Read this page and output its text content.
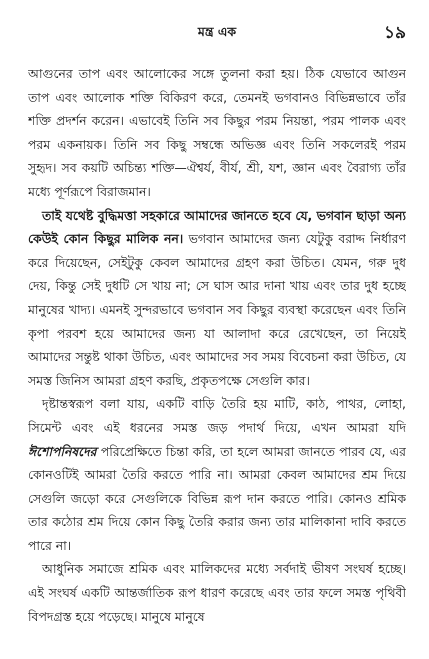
মন্ত্র এক	১৯

আগুনের তাপ এবং আলোকের সঙ্গে তুলনা করা হয়। ঠিক যেভাবে আগুন তাপ এবং আলোক শক্তি বিকিরণ করে, তেমনই ভগবানও বিভিন্নভাবে তাঁর শক্তি প্রদর্শন করেন। এভাবেই তিনি সব কিছুর পরম নিয়ন্তা, পরম পালক এবং পরম একনায়ক। তিনি সব কিছু সম্বন্ধে অভিজ্ঞ এবং তিনি সকলেরই পরম সুহৃদ। সব কয়টি অচিন্ত্য শক্তি—ঐশ্বর্য, বীর্য, শ্রী, যশ, জ্ঞান এবং বৈরাগ্য তাঁর মধ্যে পূর্ণরূপে বিরাজমান।

তাই যথেষ্ট বুদ্ধিমত্তা সহকারে আমাদের জানতে হবে যে, ভগবান ছাড়া অন্য কেউই কোন কিছুর মালিক নন। ভগবান আমাদের জন্য যেটুকু বরাদ্দ নির্ধারণ করে দিয়েছেন, সেইটুকু কেবল আমাদের গ্রহণ করা উচিত। যেমন, গরু দুধ দেয়, কিন্তু সেই দুধটি সে খায় না; সে ঘাস আর দানা খায় এবং তার দুধ হচ্ছে মানুষের খাদ্য। এমনই সুন্দরভাবে ভগবান সব কিছুর ব্যবস্থা করেছেন এবং তিনি কৃপা পরবশ হয়ে আমাদের জন্য যা আলাদা করে রেখেছেন, তা নিয়েই আমাদের সন্তুষ্ট থাকা উচিত, এবং আমাদের সব সময় বিবেচনা করা উচিত, যে সমস্ত জিনিস আমরা গ্রহণ করছি, প্রকৃতপক্ষে সেগুলি কার।

দৃষ্টান্তস্বরূপ বলা যায়, একটি বাড়ি তৈরি হয় মাটি, কাঠ, পাথর, লোহা, সিমেন্ট এবং এই ধরনের সমস্ত জড় পদার্থ দিয়ে, এখন আমরা যদি ঈশোপনিষদের পরিপ্রেক্ষিতে চিন্তা করি, তা হলে আমরা জানতে পারব যে, এর কোনওটিই আমরা তৈরি করতে পারি না। আমরা কেবল আমাদের শ্রম দিয়ে সেগুলি জড়ো করে সেগুলিকে বিভিন্ন রূপ দান করতে পারি। কোনও শ্রমিক তার কঠোর শ্রম দিয়ে কোন কিছু তৈরি করার জন্য তার মালিকানা দাবি করতে পারে না।

আধুনিক সমাজে শ্রমিক এবং মালিকদের মধ্যে সর্বদাই ভীষণ সংঘর্ষ হচ্ছে। এই সংঘর্ষ একটি আন্তর্জাতিক রূপ ধারণ করেছে এবং তার ফলে সমস্ত পৃথিবী বিপদগ্রস্ত হয়ে পড়েছে। মানুষে মানুষে
